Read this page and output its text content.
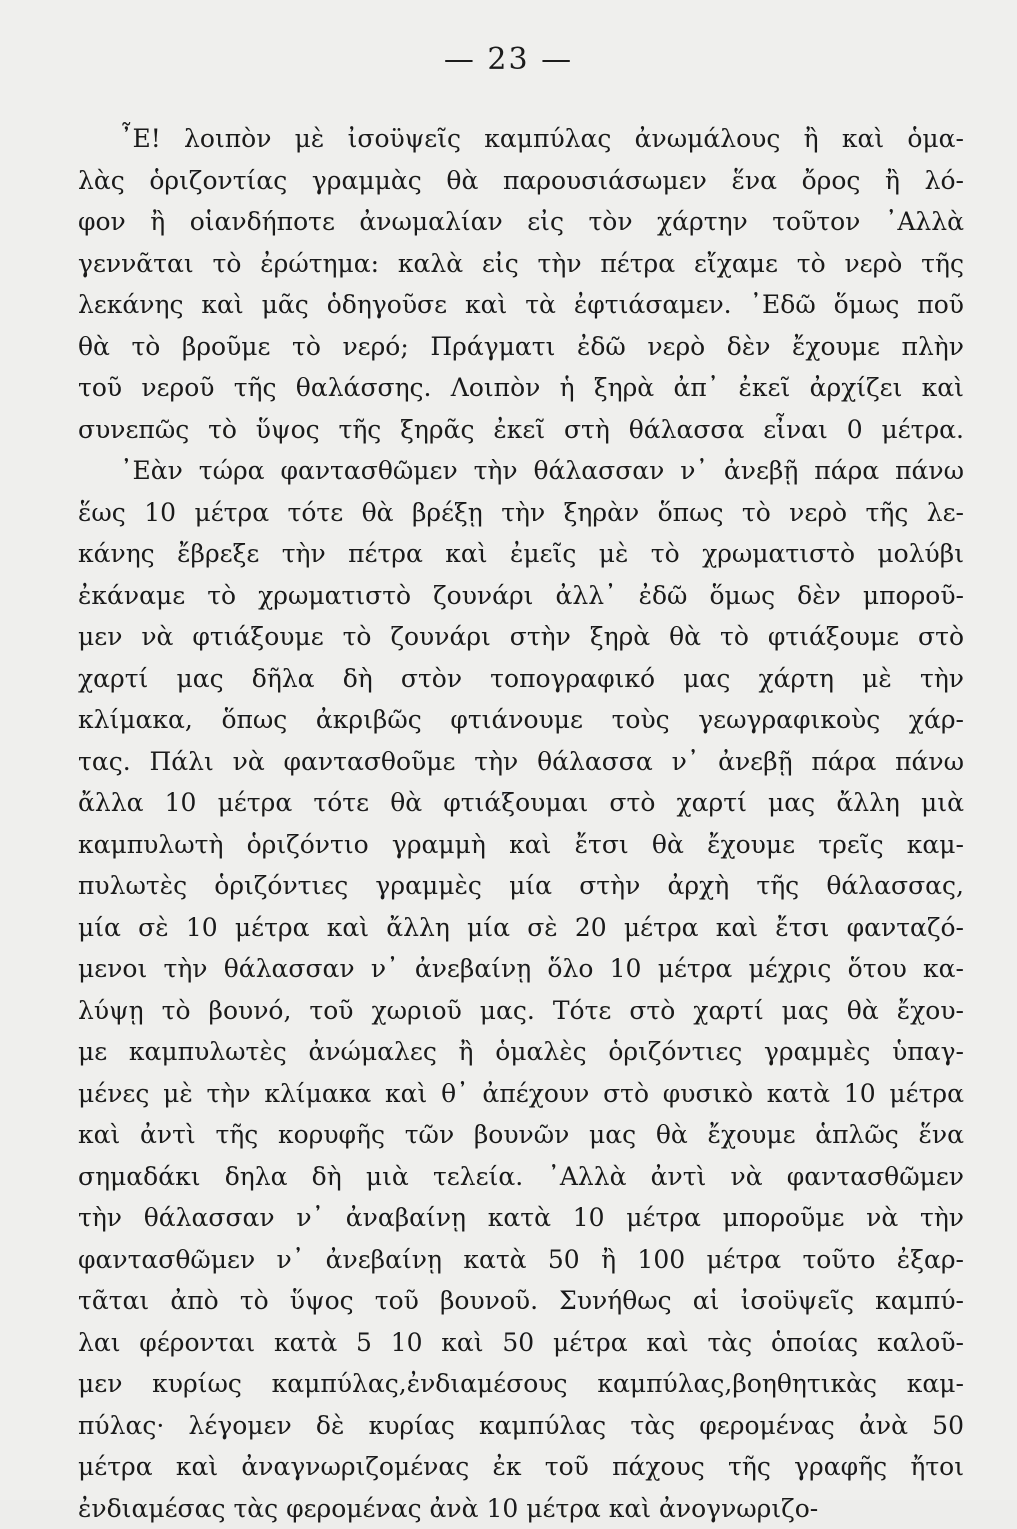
— 23 —
῏Ε! λοιπὸν μὲ ἰσοϋψεῖς καμπύλας ἀνωμάλους ἢ καὶ ὁμα-
λὰς ὁριζοντίας γραμμὰς θὰ παρουσιάσωμεν ἕνα ὄρος ἢ λό-
φον ἢ οἱανδήποτε ἀνωμαλίαν εἰς τὸν χάρτην τοῦτον ᾿Αλλὰ
γεννᾶται τὸ ἐρώτημα: καλὰ εἰς τὴν πέτρα εἴχαμε τὸ νερὸ τῆς
λεκάνης καὶ μᾶς ὁδηγοῦσε καὶ τὰ ἐφτιάσαμεν. ᾿Εδῶ ὅμως ποῦ
θὰ τὸ βροῦμε τὸ νερό; Πράγματι ἐδῶ νερὸ δὲν ἔχουμε πλὴν
τοῦ νεροῦ τῆς θαλάσσης. Λοιπὸν ἡ ξηρὰ ἀπ᾿ ἐκεῖ ἀρχίζει καὶ
συνεπῶς τὸ ὕψος τῆς ξηρᾶς ἐκεῖ στὴ θάλασσα εἶναι 0 μέτρα.
᾿Εὰν τώρα φαντασθῶμεν τὴν θάλασσαν ν᾿ ἀνεβῇ πάρα πάνω
ἕως 10 μέτρα τότε θὰ βρέξῃ τὴν ξηρὰν ὅπως τὸ νερὸ τῆς λε-
κάνης ἔβρεξε τὴν πέτρα καὶ ἐμεῖς μὲ τὸ χρωματιστὸ μολύβι
ἐκάναμε τὸ χρωματιστὸ ζουνάρι ἀλλ᾿ ἐδῶ ὅμως δὲν μποροῦ-
μεν νὰ φτιάξουμε τὸ ζουνάρι στὴν ξηρὰ θὰ τὸ φτιάξουμε στὸ
χαρτί μας δῆλα δὴ στὸν τοπογραφικό μας χάρτη μὲ τὴν
κλίμακα, ὅπως ἀκριβῶς φτιάνουμε τοὺς γεωγραφικοὺς χάρ-
τας. Πάλι νὰ φαντασθοῦμε τὴν θάλασσα ν᾿ ἀνεβῇ πάρα πάνω
ἄλλα 10 μέτρα τότε θὰ φτιάξουμαι στὸ χαρτί μας ἄλλη μιὰ
καμπυλωτὴ ὁριζόντιο γραμμὴ καὶ ἔτσι θὰ ἔχουμε τρεῖς καμ-
πυλωτὲς ὁριζόντιες γραμμὲς μία στὴν ἀρχὴ τῆς θάλασσας,
μία σὲ 10 μέτρα καὶ ἄλλη μία σὲ 20 μέτρα καὶ ἔτσι φανταζό-
μενοι τὴν θάλασσαν ν᾿ ἀνεβαίνῃ ὅλο 10 μέτρα μέχρις ὅτου κα-
λύψῃ τὸ βουνό, τοῦ χωριοῦ μας. Τότε στὸ χαρτί μας θὰ ἔχου-
με καμπυλωτὲς ἀνώμαλες ἢ ὁμαλὲς ὁριζόντιες γραμμὲς ὑπαγ-
μένες μὲ τὴν κλίμακα καὶ θ᾿ ἀπέχουν στὸ φυσικὸ κατὰ 10 μέτρα
καὶ ἀντὶ τῆς κορυφῆς τῶν βουνῶν μας θὰ ἔχουμε ἁπλῶς ἕνα
σημαδάκι δηλα δὴ μιὰ τελεία. ᾿Αλλὰ ἀντὶ νὰ φαντασθῶμεν
τὴν θάλασσαν ν᾿ ἀναβαίνῃ κατὰ 10 μέτρα μποροῦμε νὰ τὴν
φαντασθῶμεν ν᾿ ἀνεβαίνῃ κατὰ 50 ἢ 100 μέτρα τοῦτο ἐξαρ-
τᾶται ἀπὸ τὸ ὕψος τοῦ βουνοῦ. Συνήθως αἱ ἰσοϋψεῖς καμπύ-
λαι φέρονται κατὰ 5 10 καὶ 50 μέτρα καὶ τὰς ὁποίας καλοῦ-
μεν κυρίως καμπύλας,ἐνδιαμέσους καμπύλας,βοηθητικὰς καμ-
πύλας· λέγομεν δὲ κυρίας καμπύλας τὰς φερομένας ἀνὰ 50
μέτρα καὶ ἀναγνωριζομένας ἐκ τοῦ πάχους τῆς γραφῆς ἤτοι
ἐνδιαμέσας τὰς φερομένας ἀνὰ 10 μέτρα καὶ ἀνογνωριζο-
